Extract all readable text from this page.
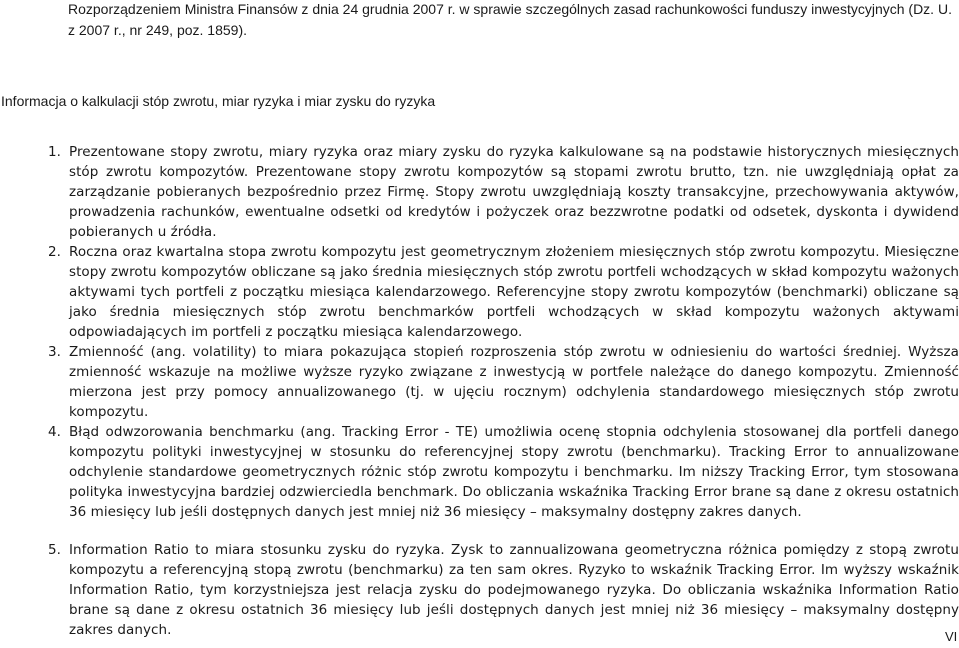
Rozporządzeniem Ministra Finansów z dnia 24 grudnia 2007 r. w sprawie szczególnych zasad rachunkowości funduszy inwestycyjnych (Dz. U. z 2007 r., nr 249, poz. 1859).
Informacja o kalkulacji stóp zwrotu, miar ryzyka i miar zysku do ryzyka
1. Prezentowane stopy zwrotu, miary ryzyka oraz miary zysku do ryzyka kalkulowane są na podstawie historycznych miesięcznych stóp zwrotu kompozytów. Prezentowane stopy zwrotu kompozytów są stopami zwrotu brutto, tzn. nie uwzględniają opłat za zarządzanie pobieranych bezpośrednio przez Firmę. Stopy zwrotu uwzględniają koszty transakcyjne, przechowywania aktywów, prowadzenia rachunków, ewentualne odsetki od kredytów i pożyczek oraz bezzwrotne podatki od odsetek, dyskonta i dywidend pobieranych u źródła.
2. Roczna oraz kwartalna stopa zwrotu kompozytu jest geometrycznym złożeniem miesięcznych stóp zwrotu kompozytu. Miesięczne stopy zwrotu kompozytów obliczane są jako średnia miesięcznych stóp zwrotu portfeli wchodzących w skład kompozytu ważonych aktywami tych portfeli z początku miesiąca kalendarzowego. Referencyjne stopy zwrotu kompozytów (benchmarki) obliczane są jako średnia miesięcznych stóp zwrotu benchmarków portfeli wchodzących w skład kompozytu ważonych aktywami odpowiadających im portfeli z początku miesiąca kalendarzowego.
3. Zmienność (ang. volatility) to miara pokazująca stopień rozproszenia stóp zwrotu w odniesieniu do wartości średniej. Wyższa zmienność wskazuje na możliwe wyższe ryzyko związane z inwestycją w portfele należące do danego kompozytu. Zmienność mierzona jest przy pomocy annualizowanego (tj. w ujęciu rocznym) odchylenia standardowego miesięcznych stóp zwrotu kompozytu.
4. Błąd odwzorowania benchmarku (ang. Tracking Error - TE) umożliwia ocenę stopnia odchylenia stosowanej dla portfeli danego kompozytu polityki inwestycyjnej w stosunku do referencyjnej stopy zwrotu (benchmarku). Tracking Error to annualizowane odchylenie standardowe geometrycznych różnic stóp zwrotu kompozytu i benchmarku. Im niższy Tracking Error, tym stosowana polityka inwestycyjna bardziej odzwierciedla benchmark. Do obliczania wskaźnika Tracking Error brane są dane z okresu ostatnich 36 miesięcy lub jeśli dostępnych danych jest mniej niż 36 miesięcy – maksymalny dostępny zakres danych.
5. Information Ratio to miara stosunku zysku do ryzyka. Zysk to zannualizowana geometryczna różnica pomiędzy z stopą zwrotu kompozytu a referencyjną stopą zwrotu (benchmarku) za ten sam okres. Ryzyko to wskaźnik Tracking Error. Im wyższy wskaźnik Information Ratio, tym korzystniejsza jest relacja zysku do podejmowanego ryzyka. Do obliczania wskaźnika Information Ratio brane są dane z okresu ostatnich 36 miesięcy lub jeśli dostępnych danych jest mniej niż 36 miesięcy – maksymalny dostępny zakres danych.	VI
